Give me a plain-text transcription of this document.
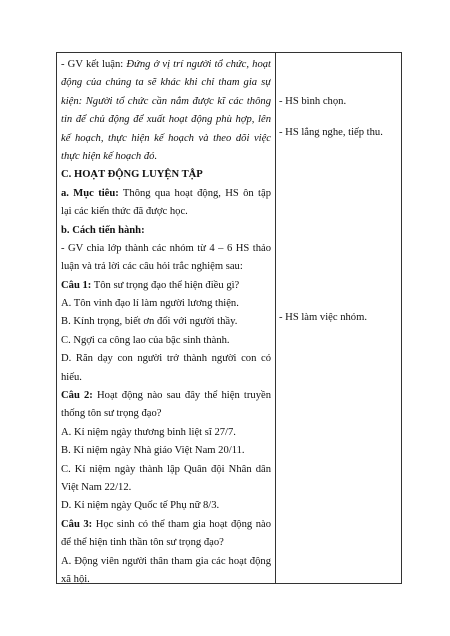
- GV kết luận: Đứng ở vị trí người tổ chức, hoạt
động của chúng ta sẽ khác khi chỉ tham gia sự
kiện: Người tổ chức cần nắm được kĩ các thông
tin để chủ động để xuất hoạt động phù hợp, lên
kế hoạch, thực hiện kế hoạch và theo dõi việc
thực hiện kế hoạch đó.
C. HOẠT ĐỘNG LUYỆN TẬP
a. Mục tiêu: Thông qua hoạt động, HS ôn tập
lại các kiến thức đã được học.
b. Cách tiến hành:
- GV chia lớp thành các nhóm từ 4 – 6 HS thảo
luận và trả lời các câu hỏi trắc nghiệm sau:
Câu 1: Tôn sư trọng đạo thể hiện điều gì?
A. Tôn vinh đạo lí làm người lương thiện.
B. Kính trọng, biết ơn đối với người thầy.
C. Ngợi ca công lao của bậc sinh thành.
D. Răn dạy con người trở thành người con có
hiếu.
Câu 2: Hoạt động nào sau đây thể hiện truyền
thống tôn sư trọng đạo?
A. Kỉ niệm ngày thương binh liệt sĩ 27/7.
B. Kỉ niệm ngày Nhà giáo Việt Nam 20/11.
C. Kỉ niệm ngày thành lập Quân đội Nhân dân
Việt Nam 22/12.
D. Kỉ niệm ngày Quốc tế Phụ nữ 8/3.
Câu 3: Học sinh có thể tham gia hoạt động nào
để thể hiện tinh thần tôn sư trọng đạo?
A. Động viên người thân tham gia các hoạt động
xã hội.
- HS bình chọn.
- HS lắng nghe, tiếp thu.
- HS làm việc nhóm.
